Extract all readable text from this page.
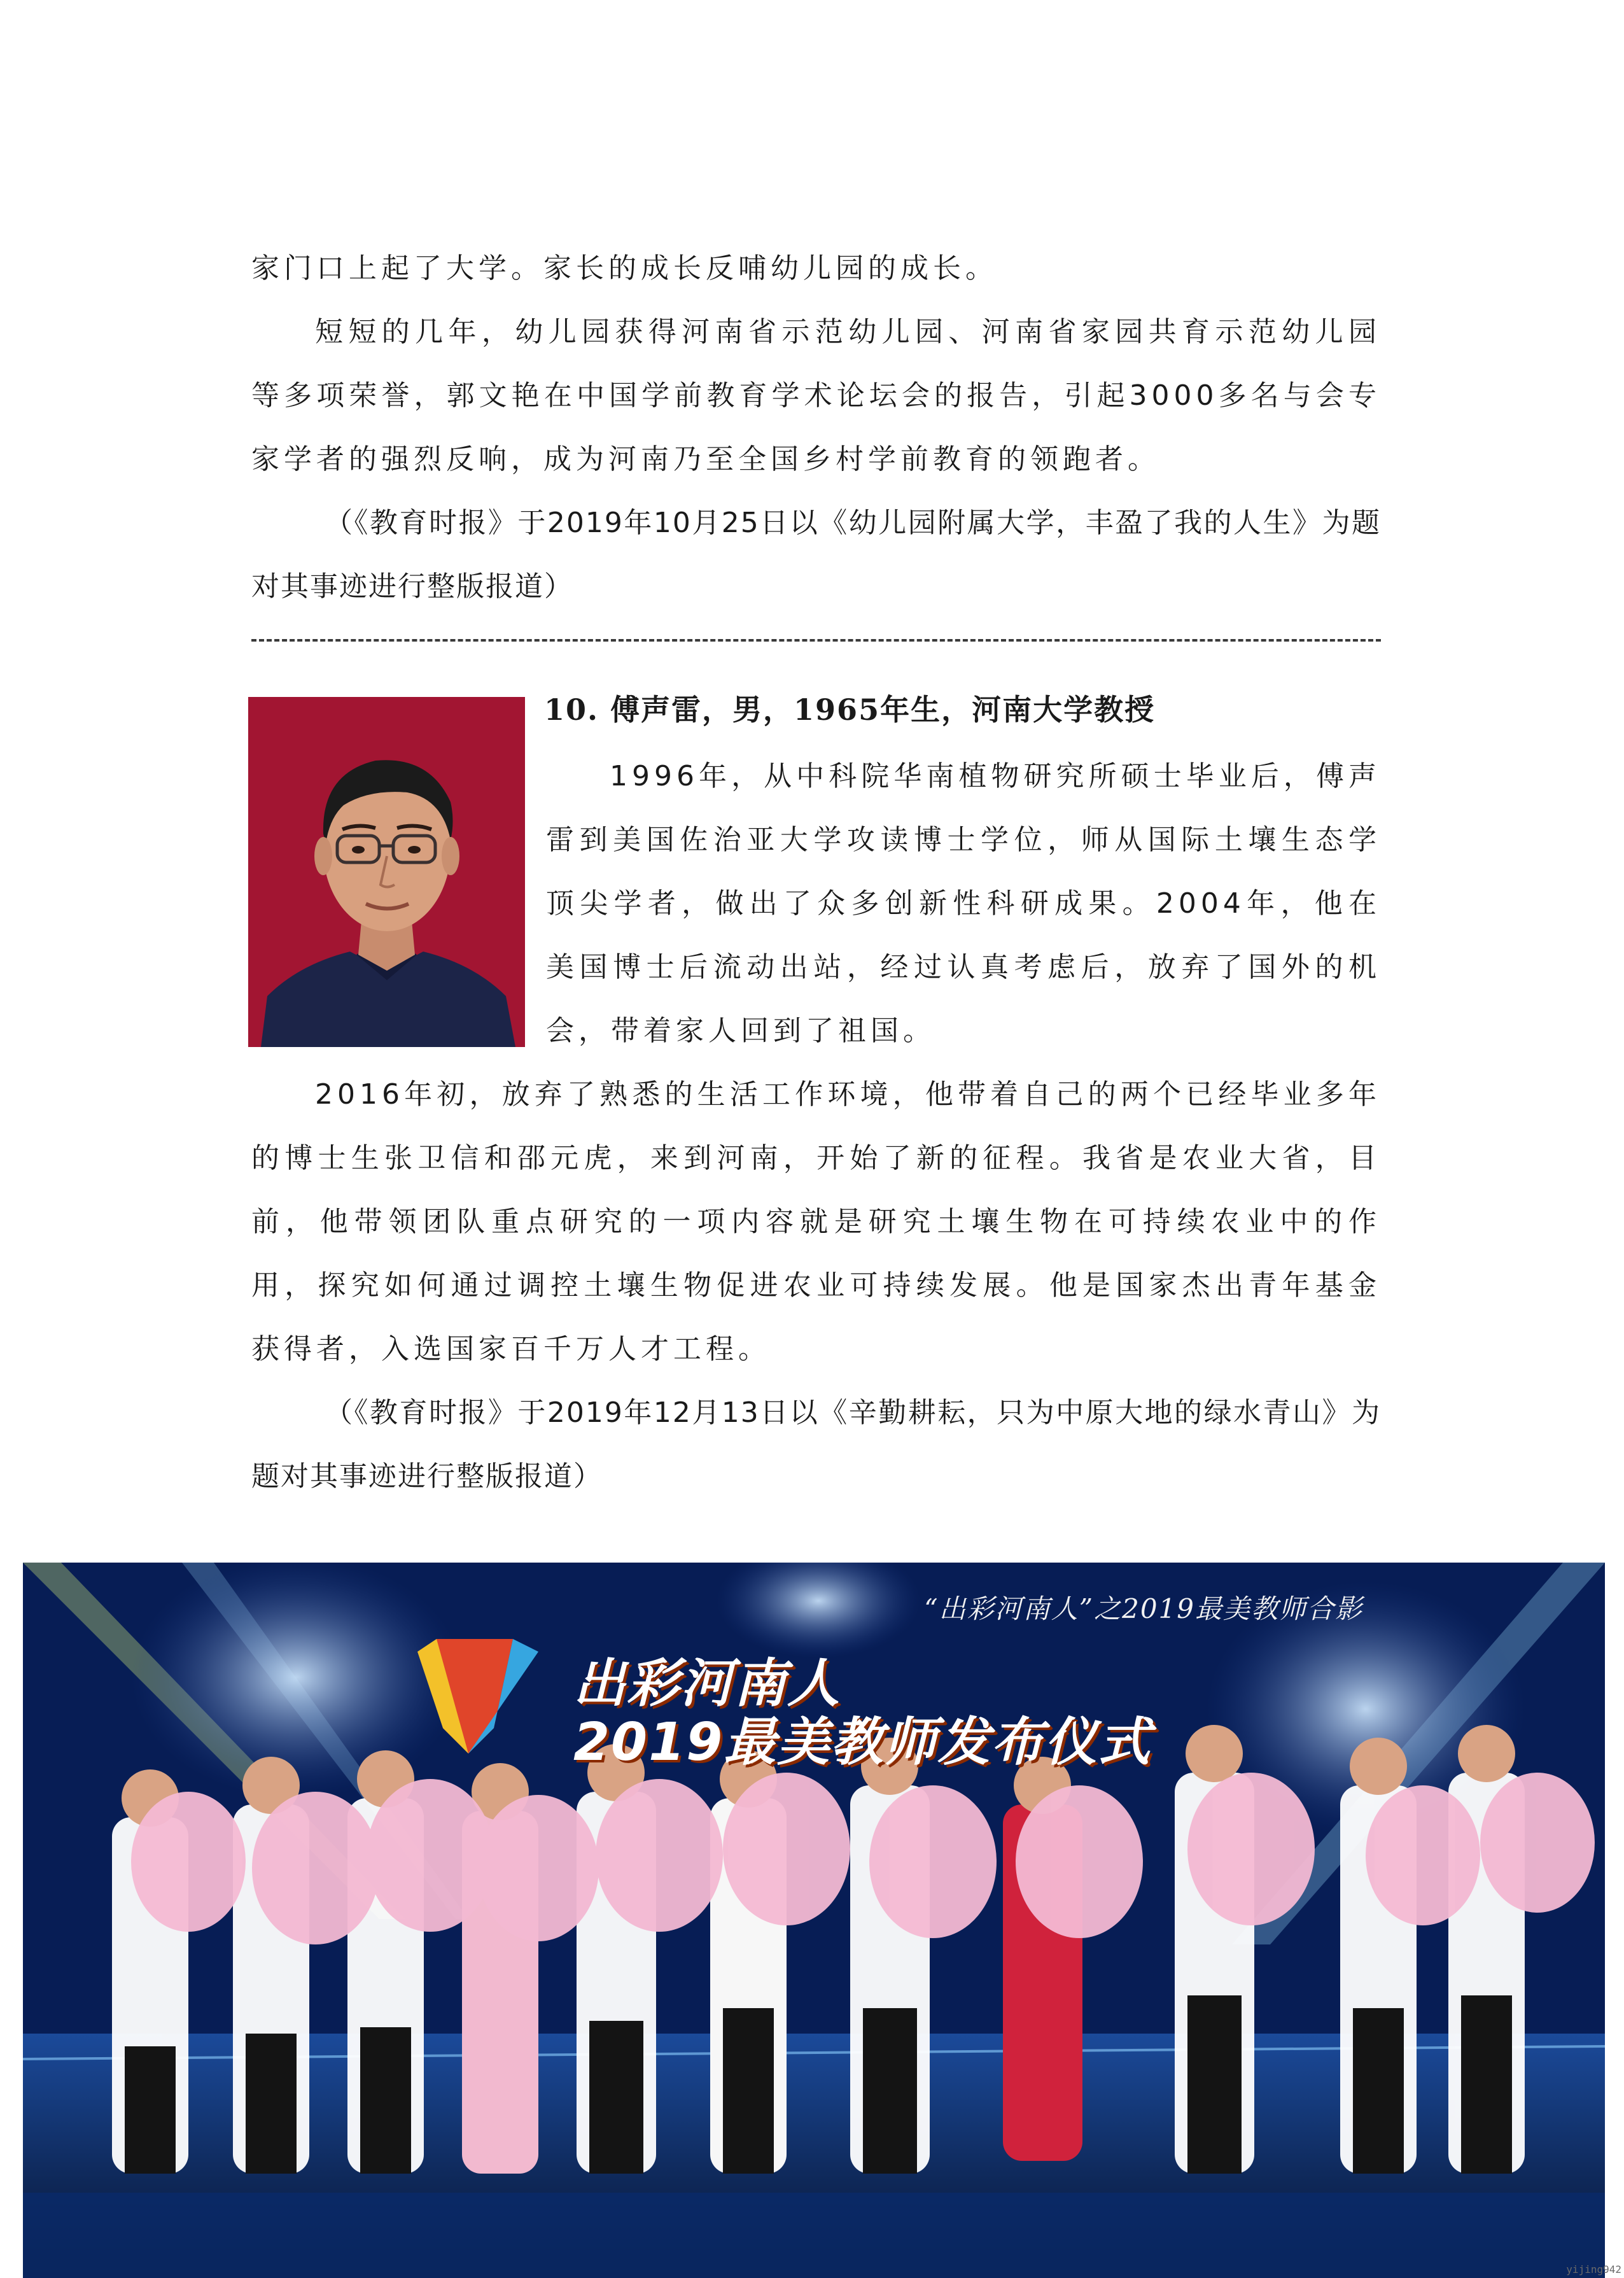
家门口上起了大学。家长的成长反哺幼儿园的成长。

短短的几年，幼儿园获得河南省示范幼儿园、河南省家园共育示范幼儿园等多项荣誉，郭文艳在中国学前教育学术论坛会的报告，引起3000多名与会专家学者的强烈反响，成为河南乃至全国乡村学前教育的领跑者。

（《教育时报》于2019年10月25日以《幼儿园附属大学，丰盈了我的人生》为题对其事迹进行整版报道）

10. 傅声雷，男，1965年生，河南大学教授

1996年，从中科院华南植物研究所硕士毕业后，傅声雷到美国佐治亚大学攻读博士学位，师从国际土壤生态学顶尖学者，做出了众多创新性科研成果。2004年，他在美国博士后流动出站，经过认真考虑后，放弃了国外的机会，带着家人回到了祖国。

2016年初，放弃了熟悉的生活工作环境，他带着自己的两个已经毕业多年的博士生张卫信和邵元虎，来到河南，开始了新的征程。我省是农业大省，目前，他带领团队重点研究的一项内容就是研究土壤生物在可持续农业中的作用，探究如何通过调控土壤生物促进农业可持续发展。他是国家杰出青年基金获得者，入选国家百千万人才工程。

（《教育时报》于2019年12月13日以《辛勤耕耘，只为中原大地的绿水青山》为题对其事迹进行整版报道）

“出彩河南人”之2019最美教师合影
出彩河南人
2019最美教师发布仪式
yijing942
